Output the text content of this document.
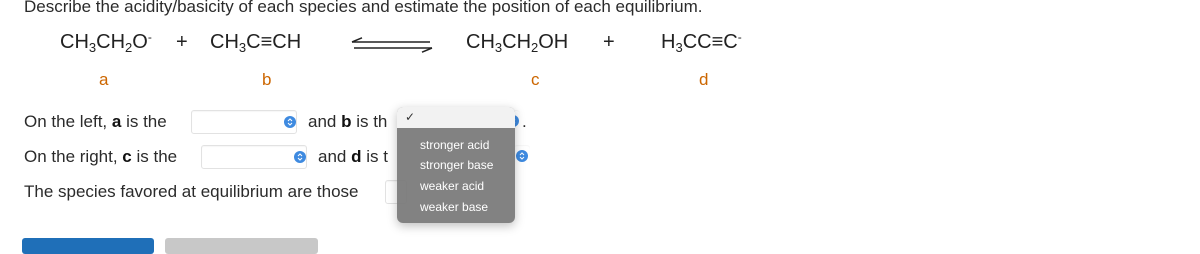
Describe the acidity/basicity of each species and estimate the position of each equilibrium.
$CH_3CH_2O^- + CH_3C\equiv CH$	$CH_3CH_2OH + H_3CC\equiv C^-$
a	b	c	d
On the left, a is the	and b is th	.
On the right, c is the	and d is t
The species favored at equilibrium are those
✓
stronger acid
stronger base
weaker acid
weaker base
